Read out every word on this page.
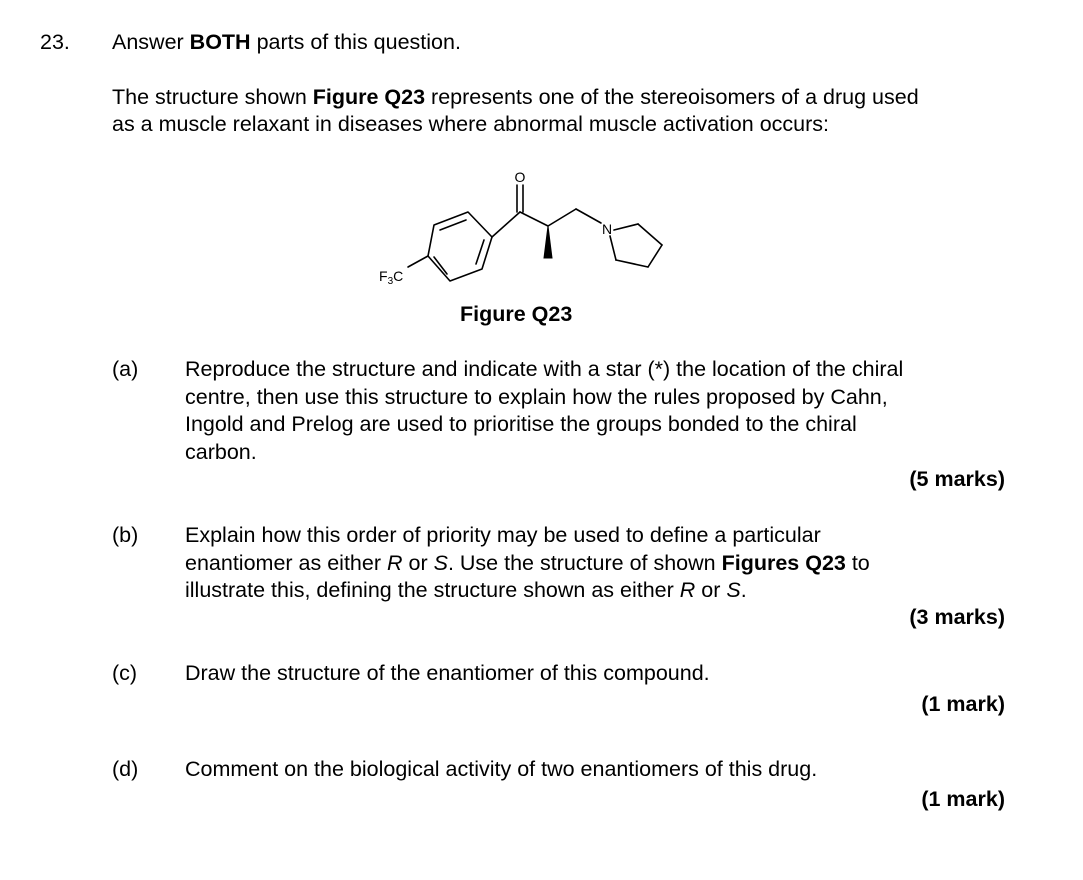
23. Answer BOTH parts of this question.
The structure shown Figure Q23 represents one of the stereoisomers of a drug used
as a muscle relaxant in diseases where abnormal muscle activation occurs:
O
N
$F_3C$
Figure Q23
(a) Reproduce the structure and indicate with a star (*) the location of the chiral
centre, then use this structure to explain how the rules proposed by Cahn,
Ingold and Prelog are used to prioritise the groups bonded to the chiral
carbon.
(5 marks)
(b) Explain how this order of priority may be used to define a particular
enantiomer as either R or S. Use the structure of shown Figures Q23 to
illustrate this, defining the structure shown as either R or S.
(3 marks)
(c) Draw the structure of the enantiomer of this compound.
(1 mark)
(d) Comment on the biological activity of two enantiomers of this drug.
(1 mark)
